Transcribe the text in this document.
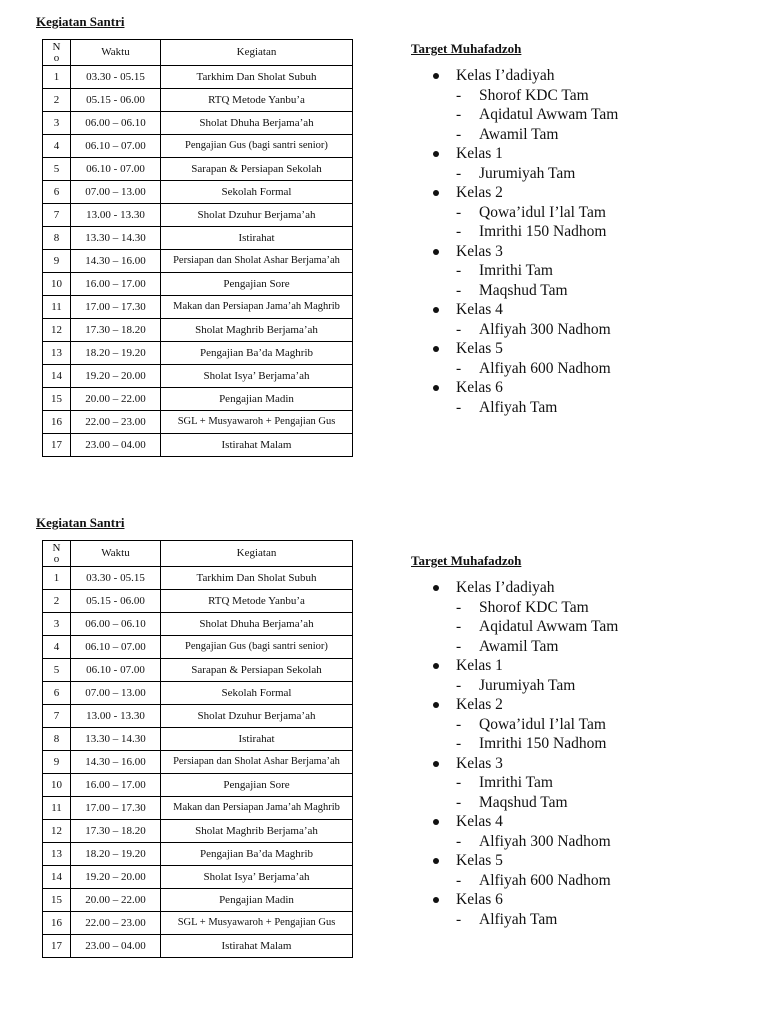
Kegiatan Santri
No	Waktu	Kegiatan
1	03.30 - 05.15	Tarkhim Dan Sholat Subuh
2	05.15 - 06.00	RTQ Metode Yanbu’a
3	06.00 – 06.10	Sholat Dhuha Berjama’ah
4	06.10 – 07.00	Pengajian Gus (bagi santri senior)
5	06.10 - 07.00	Sarapan & Persiapan Sekolah
6	07.00 – 13.00	Sekolah Formal
7	13.00 - 13.30	Sholat Dzuhur Berjama’ah
8	13.30 – 14.30	Istirahat
9	14.30 – 16.00	Persiapan dan Sholat Ashar Berjama’ah
10	16.00 – 17.00	Pengajian Sore
11	17.00 – 17.30	Makan dan Persiapan Jama’ah Maghrib
12	17.30 – 18.20	Sholat Maghrib Berjama’ah
13	18.20 – 19.20	Pengajian Ba’da Maghrib
14	19.20 – 20.00	Sholat Isya’ Berjama’ah
15	20.00 – 22.00	Pengajian Madin
16	22.00 – 23.00	SGL + Musyawaroh + Pengajian Gus
17	23.00 – 04.00	Istirahat Malam
Target Muhafadzoh
Kelas I’dadiyah
- Shorof KDC Tam
- Aqidatul Awwam Tam
- Awamil Tam
Kelas 1
- Jurumiyah Tam
Kelas 2
- Qowa’idul I’lal Tam
- Imrithi 150 Nadhom
Kelas 3
- Imrithi Tam
- Maqshud Tam
Kelas 4
- Alfiyah 300 Nadhom
Kelas 5
- Alfiyah 600 Nadhom
Kelas 6
- Alfiyah Tam
Kegiatan Santri
No	Waktu	Kegiatan
1	03.30 - 05.15	Tarkhim Dan Sholat Subuh
2	05.15 - 06.00	RTQ Metode Yanbu’a
3	06.00 – 06.10	Sholat Dhuha Berjama’ah
4	06.10 – 07.00	Pengajian Gus (bagi santri senior)
5	06.10 - 07.00	Sarapan & Persiapan Sekolah
6	07.00 – 13.00	Sekolah Formal
7	13.00 - 13.30	Sholat Dzuhur Berjama’ah
8	13.30 – 14.30	Istirahat
9	14.30 – 16.00	Persiapan dan Sholat Ashar Berjama’ah
10	16.00 – 17.00	Pengajian Sore
11	17.00 – 17.30	Makan dan Persiapan Jama’ah Maghrib
12	17.30 – 18.20	Sholat Maghrib Berjama’ah
13	18.20 – 19.20	Pengajian Ba’da Maghrib
14	19.20 – 20.00	Sholat Isya’ Berjama’ah
15	20.00 – 22.00	Pengajian Madin
16	22.00 – 23.00	SGL + Musyawaroh + Pengajian Gus
17	23.00 – 04.00	Istirahat Malam
Target Muhafadzoh
Kelas I’dadiyah
- Shorof KDC Tam
- Aqidatul Awwam Tam
- Awamil Tam
Kelas 1
- Jurumiyah Tam
Kelas 2
- Qowa’idul I’lal Tam
- Imrithi 150 Nadhom
Kelas 3
- Imrithi Tam
- Maqshud Tam
Kelas 4
- Alfiyah 300 Nadhom
Kelas 5
- Alfiyah 600 Nadhom
Kelas 6
- Alfiyah Tam
